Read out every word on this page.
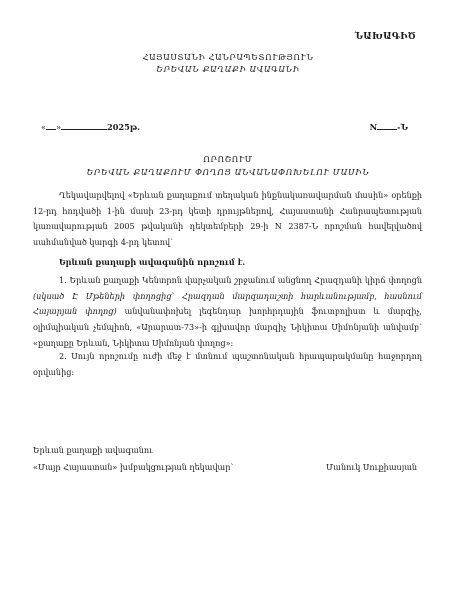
ՆԱԽԱԳԻԾ
ՀԱՅԱՍՏԱՆԻ ՀԱՆՐԱՊԵՏՈՒԹՅՈՒՆ
ԵՐԵՎԱՆ ՔԱՂԱՔԻ ԱՎԱԳԱՆԻ
« »	2025թ.	N -Ն
ՈՐՈՇՈՒՄ
ԵՐԵՎԱՆ ՔԱՂԱՔՈՒՄ ՓՈՂՈՑ ԱՆՎԱՆԱՓՈԽԵԼՈՒ ՄԱՍԻՆ

Ղեկավարվելով «Երևան քաղաքում տեղական ինքնակառավարման մասին» օրենքի 12-րդ հոդվածի 1-ին մասի 23-րդ կետի դրույթներով, Հայաստանի Հանրապետության կառավարության 2005 թվականի դեկտեմբերի 29-ի N 2387-Ն որոշման հավելվածով սահմանված կարգի 4-րդ կետով՝

Երևան քաղաքի ավագանին որոշում է.

1. Երևան քաղաքի Կենտրոն վարչական շրջանում անցնող Հրազդանի կիրճ փողոցն (սկսած Է Մթեների փողոցից՝ Հրազդան մարզադաշտի հարևանությամբ, հասնում Հայարյան փողոց) անվանափոխել լեգենդար խորհրդային ֆուտբոլիստ և մարզիչ, օլիմպիական չեմպիոն, «Արարատ-73»-ի գլխավոր մարզիչ Նիկիտա Սիմոնյանի անվամբ՝ «քաղաքը Երևան, Նիկիտա Սիմոնյան փողոց»:

2. Սույն որոշումը ուժի մեջ է մտնում պաշտոնական հրապարակմանը հաջորդող օրվանից:

Երևան քաղաքի ավագանու
«Մայր Հայաստան» խմբակցության ղեկավար՝	Մանուկ Սուքիասյան
